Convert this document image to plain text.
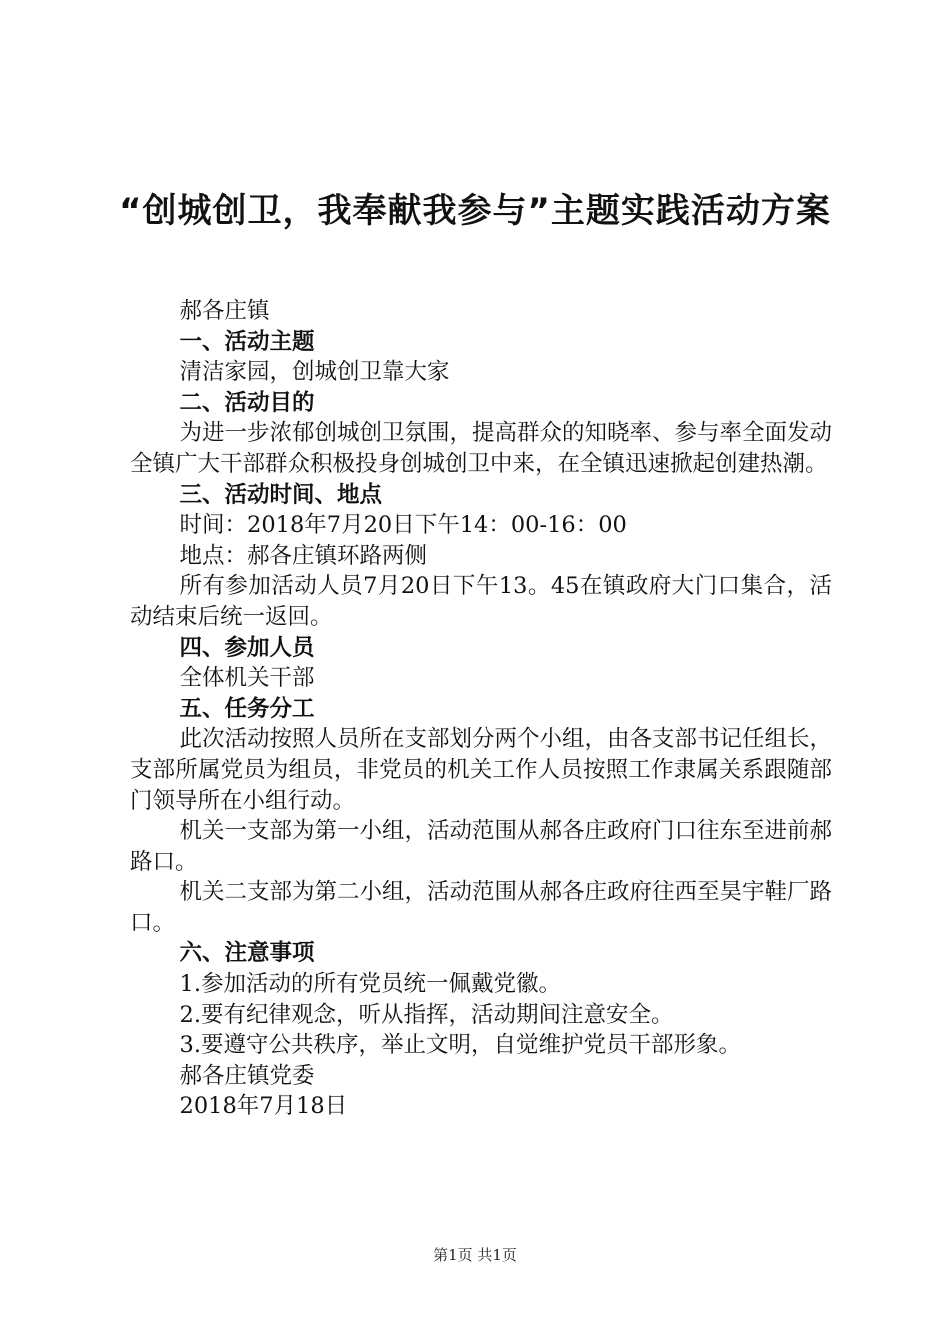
“创城创卫，我奉献我参与”主题实践活动方案

郝各庄镇

一、活动主题

清洁家园，创城创卫靠大家

二、活动目的

为进一步浓郁创城创卫氛围，提高群众的知晓率、参与率全面发动全镇广大干部群众积极投身创城创卫中来，在全镇迅速掀起创建热潮。

三、活动时间、地点

时间：2018年7月20日下午14：00-16：00

地点：郝各庄镇环路两侧

所有参加活动人员7月20日下午13。45在镇政府大门口集合，活动结束后统一返回。

四、参加人员

全体机关干部

五、任务分工

此次活动按照人员所在支部划分两个小组，由各支部书记任组长，支部所属党员为组员，非党员的机关工作人员按照工作隶属关系跟随部门领导所在小组行动。

机关一支部为第一小组，活动范围从郝各庄政府门口往东至进前郝路口。

机关二支部为第二小组，活动范围从郝各庄政府往西至昊宇鞋厂路口。

六、注意事项

1.参加活动的所有党员统一佩戴党徽。

2.要有纪律观念，听从指挥，活动期间注意安全。

3.要遵守公共秩序，举止文明，自觉维护党员干部形象。

郝各庄镇党委

2018年7月18日

第1页 共1页
